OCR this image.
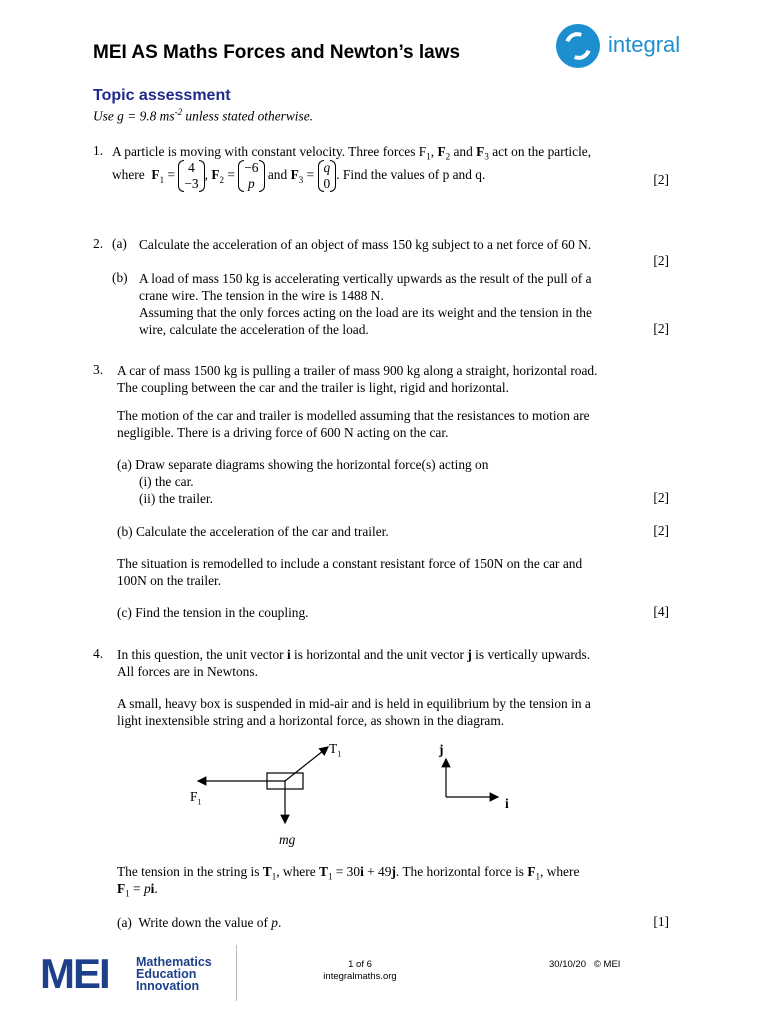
MEI AS Maths Forces and Newton’s laws	integral
Topic assessment
Use g = 9.8 $ms^{-2}$ unless stated otherwise.
1. A particle is moving with constant velocity. Three forces $F_1$, $F_2$ and $F_3$ act on the particle,
where $F_1 = 4$
−3, $F_2 = -6$
p and $F_3 = q$
0. Find the values of p and q.	[2]
2. (a) Calculate the acceleration of an object of mass 150 kg subject to a net force of 60 N.
[2]
(b) A load of mass 150 kg is accelerating vertically upwards as the result of the pull of a
crane wire. The tension in the wire is 1488 N.
Assuming that the only forces acting on the load are its weight and the tension in the
wire, calculate the acceleration of the load.	[2]
3. A car of mass 1500 kg is pulling a trailer of mass 900 kg along a straight, horizontal road.
The coupling between the car and the trailer is light, rigid and horizontal.
The motion of the car and trailer is modelled assuming that the resistances to motion are
negligible. There is a driving force of 600 N acting on the car.
(a) Draw separate diagrams showing the horizontal force(s) acting on
(i) the car.
(ii) the trailer.	[2]
(b) Calculate the acceleration of the car and trailer.	[2]
The situation is remodelled to include a constant resistant force of 150N on the car and
100N on the trailer.
(c) Find the tension in the coupling.	[4]
4. In this question, the unit vector i is horizontal and the unit vector j is vertically upwards.
All forces are in Newtons.
A small, heavy box is suspended in mid-air and is held in equilibrium by the tension in a
light inextensible string and a horizontal force, as shown in the diagram.
$T_1$
$F_1$
mg
j
i
The tension in the string is $T_1$, where $T_1 = 30i + 49j$. The horizontal force is $F_1$, where
$F_1$ = pi.
(a)  Write down the value of p.	[1]
MEI Mathematics
Education
Innovation
1 of 6
integralmaths.org
30/10/20 © MEI
